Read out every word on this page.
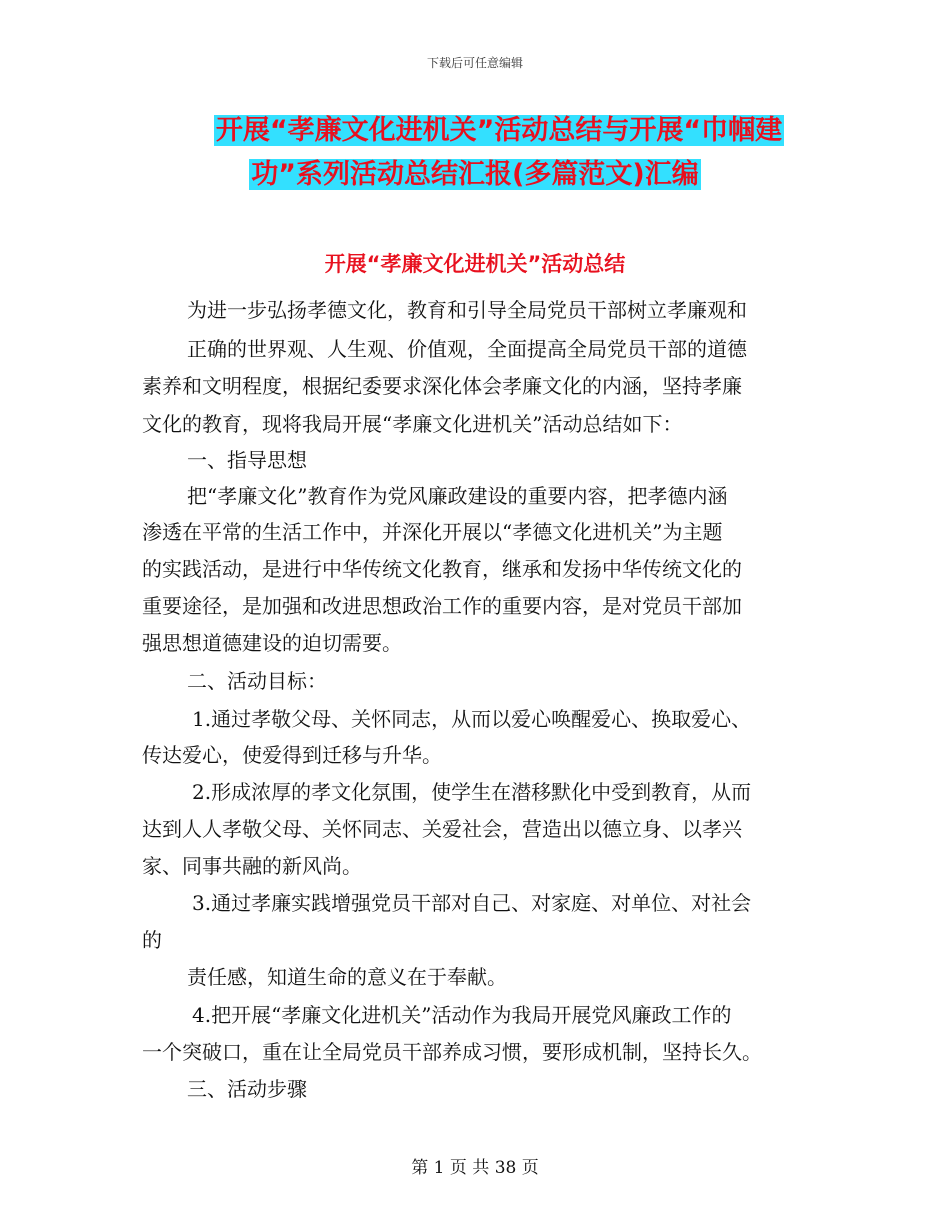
下载后可任意编辑
开展“孝廉文化进机关”活动总结与开展“巾帼建
功”系列活动总结汇报(多篇范文)汇编
开展“孝廉文化进机关”活动总结
为进一步弘扬孝德文化，教育和引导全局党员干部树立孝廉观和
正确的世界观、人生观、价值观，全面提高全局党员干部的道德
素养和文明程度，根据纪委要求深化体会孝廉文化的内涵，坚持孝廉
文化的教育，现将我局开展“孝廉文化进机关”活动总结如下：
一、指导思想
把“孝廉文化”教育作为党风廉政建设的重要内容，把孝德内涵
渗透在平常的生活工作中，并深化开展以“孝德文化进机关”为主题
的实践活动，是进行中华传统文化教育，继承和发扬中华传统文化的
重要途径，是加强和改进思想政治工作的重要内容，是对党员干部加
强思想道德建设的迫切需要。
二、活动目标：
1.通过孝敬父母、关怀同志，从而以爱心唤醒爱心、换取爱心、
传达爱心，使爱得到迁移与升华。
2.形成浓厚的孝文化氛围，使学生在潜移默化中受到教育，从而
达到人人孝敬父母、关怀同志、关爱社会，营造出以德立身、以孝兴
家、同事共融的新风尚。
3.通过孝廉实践增强党员干部对自己、对家庭、对单位、对社会
的
责任感，知道生命的意义在于奉献。
4.把开展“孝廉文化进机关”活动作为我局开展党风廉政工作的
一个突破口，重在让全局党员干部养成习惯，要形成机制，坚持长久。
三、活动步骤
第 1 页 共 38 页
